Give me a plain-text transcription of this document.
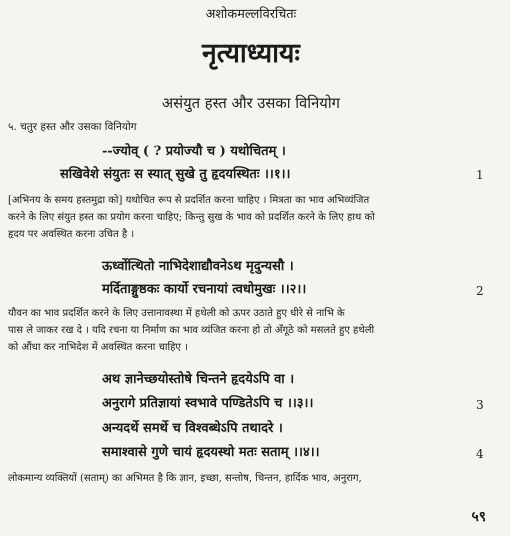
अशोकमल्लविरचितः
नृत्याध्यायः
असंयुत हस्त और उसका विनियोग
५. चतुर हस्त और उसका विनियोग
--ज्योव् ( ? प्रयोज्यौ च ) यथोचितम् ।
सखिवेशे संयुतः स स्यात् सुखे तु हृदयस्थितः ।।१।।	1
[अभिनय के समय हस्तमुद्रा को] यथोचित रूप से प्रदर्शित करना चाहिए । मित्रता का भाव अभिव्यंजित
करने के लिए संयुत हस्त का प्रयोग करना चाहिए; किन्तु सुख के भाव को प्रदर्शित करने के लिए हाथ को
हृदय पर अवस्थित करना उचित है ।
ऊर्ध्वोत्थितो नाभिदेशाद्यौवनेऽथ मृदुन्यसौ ।
मर्दिताङ्गुष्ठकः कार्यो रचनायां त्वधोमुखः ।।२।।	2
यौवन का भाव प्रदर्शित करने के लिए उत्तानावस्था में हथेली को ऊपर उठाते हुए धीरे से नाभि के
पास ले जाकर रख दे । यदि रचना या निर्माण का भाव व्यंजित करना हो तो अँगूठे को मसलते हुए हथेली
को औंधा कर नाभिदेश में अवस्थित करना चाहिए ।
अथ ज्ञानेच्छयोस्तोषे चिन्तने हृदयेऽपि वा ।
अनुरागे प्रतिज्ञायां स्वभावे पण्डितेऽपि च ।।३।।	3
अन्यदर्थे समर्थे च विश्वब्धेऽपि तथादरे ।
समाश्वासे गुणे चायं हृदयस्थो मतः सताम् ।।४।।	4
लोकमान्य व्यक्तियों (सताम्) का अभिमत है कि ज्ञान, इच्छा, सन्तोष, चिन्तन, हार्दिक भाव, अनुराग,
५९
